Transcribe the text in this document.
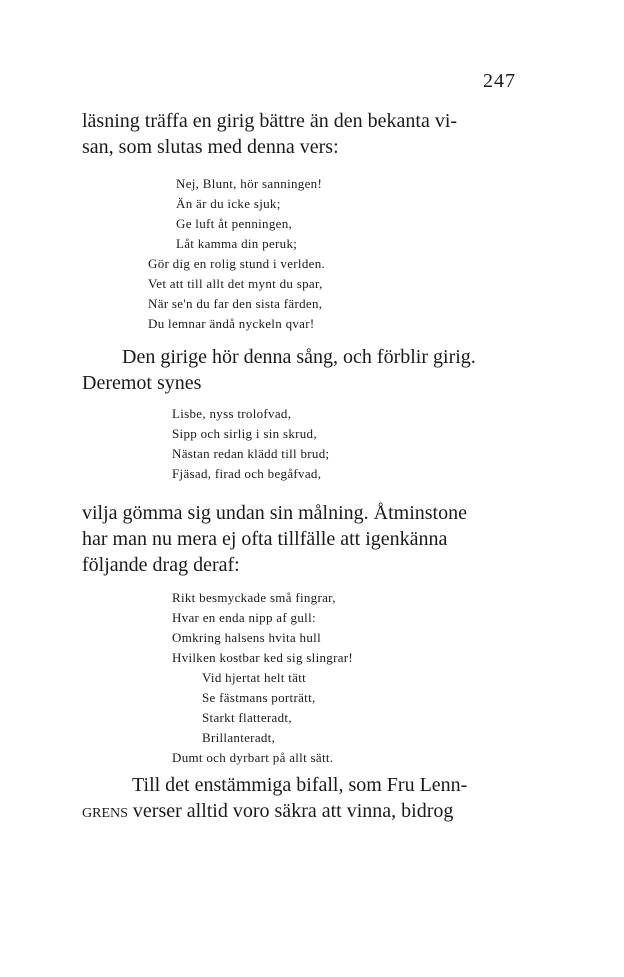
247
läsning träffa en girig bättre än den bekanta vi-
san, som slutas med denna vers:
Nej, Blunt, hör sanningen!
Än är du icke sjuk;
Ge luft åt penningen,
Låt kamma din peruk;
Gör dig en rolig stund i verlden.
Vet att till allt det mynt du spar,
När se'n du far den sista färden,
Du lemnar ändå nyckeln qvar!
Den girige hör denna sång, och förblir girig.
Deremot synes
Lisbe, nyss trolofvad,
Sipp och sirlig i sin skrud,
Nästan redan klädd till brud;
Fjäsad, firad och begåfvad,
vilja gömma sig undan sin målning. Åtminstone
har man nu mera ej ofta tillfälle att igenkänna
följande drag deraf:
Rikt besmyckade små fingrar,
Hvar en enda nipp af gull:
Omkring halsens hvita hull
Hvilken kostbar ked sig slingrar!
Vid hjertat helt tätt
Se fästmans porträtt,
Starkt flatteradt,
Brillanteradt,
Dumt och dyrbart på allt sätt.
Till det enstämmiga bifall, som Fru Lenn-
grens verser alltid voro säkra att vinna, bidrog
